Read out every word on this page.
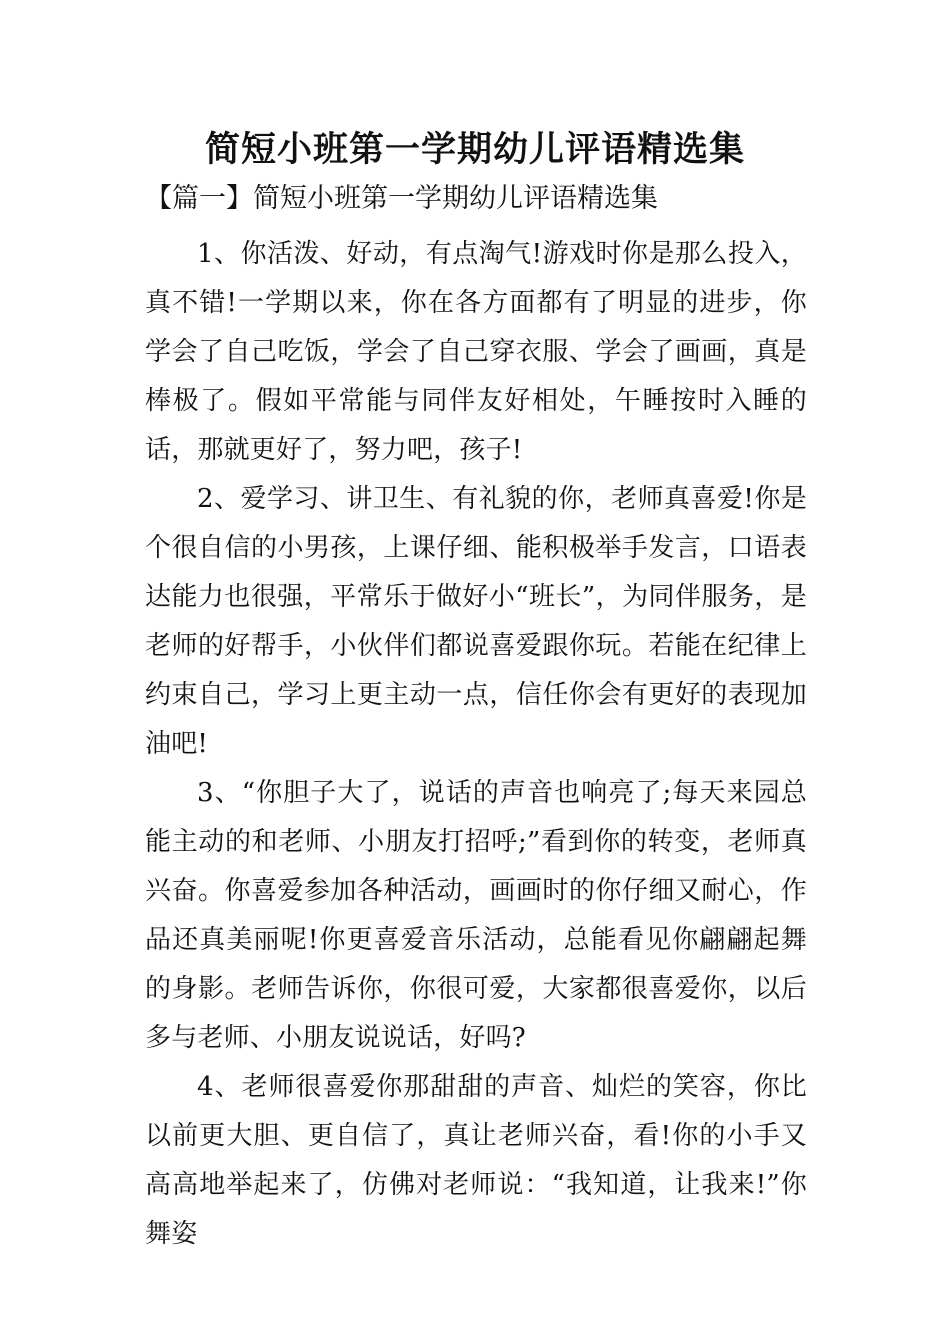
简短小班第一学期幼儿评语精选集
【篇一】简短小班第一学期幼儿评语精选集

1、你活泼、好动，有点淘气!游戏时你是那么投入，真不错!一学期以来，你在各方面都有了明显的进步，你学会了自己吃饭，学会了自己穿衣服、学会了画画，真是棒极了。假如平常能与同伴友好相处，午睡按时入睡的话，那就更好了，努力吧，孩子!

2、爱学习、讲卫生、有礼貌的你，老师真喜爱!你是个很自信的小男孩，上课仔细、能积极举手发言，口语表达能力也很强，平常乐于做好小“班长”，为同伴服务，是老师的好帮手，小伙伴们都说喜爱跟你玩。若能在纪律上约束自己，学习上更主动一点，信任你会有更好的表现加油吧!

3、“你胆子大了，说话的声音也响亮了;每天来园总能主动的和老师、小朋友打招呼;”看到你的转变，老师真兴奋。你喜爱参加各种活动，画画时的你仔细又耐心，作品还真美丽呢!你更喜爱音乐活动，总能看见你翩翩起舞的身影。老师告诉你，你很可爱，大家都很喜爱你，以后多与老师、小朋友说说话，好吗?

4、老师很喜爱你那甜甜的声音、灿烂的笑容，你比以前更大胆、更自信了，真让老师兴奋，看!你的小手又高高地举起来了，仿佛对老师说：“我知道，让我来!”你舞姿
